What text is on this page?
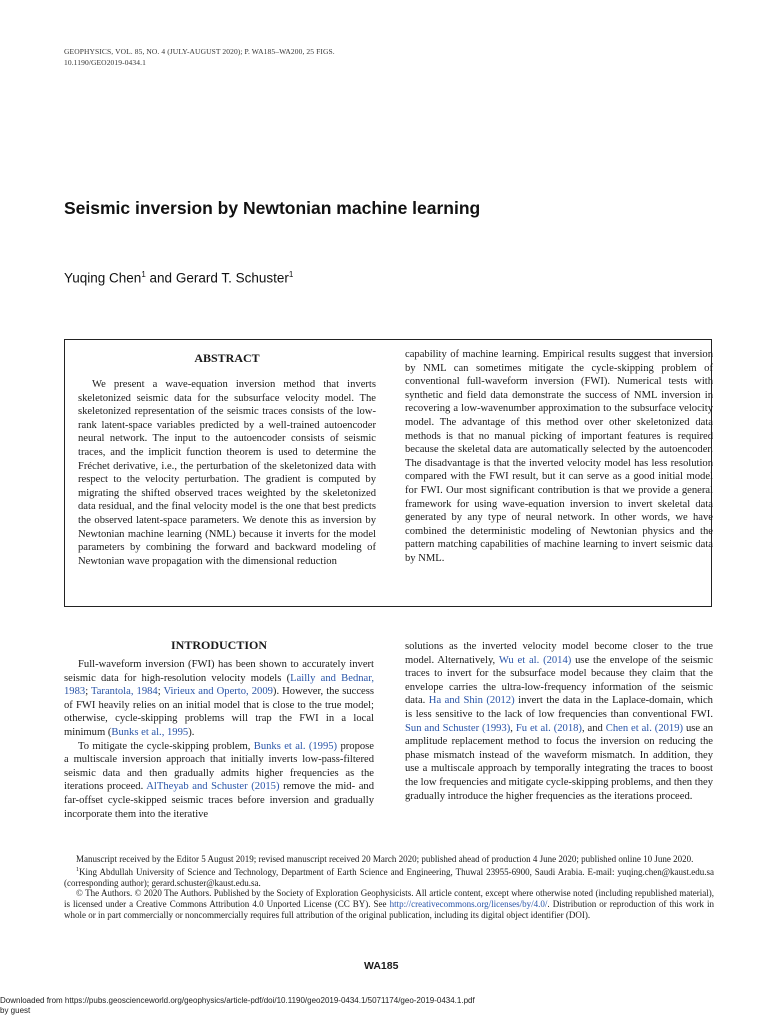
GEOPHYSICS, VOL. 85, NO. 4 (JULY-AUGUST 2020); P. WA185–WA200, 25 FIGS.
10.1190/GEO2019-0434.1
Seismic inversion by Newtonian machine learning
Yuqing Chen$^1$ and Gerard T. Schuster$^1$
ABSTRACT

We present a wave-equation inversion method that inverts skeletonized seismic data for the subsurface velocity model. The skeletonized representation of the seismic traces consists of the low-rank latent-space variables predicted by a well-trained autoencoder neural network. The input to the autoencoder consists of seismic traces, and the implicit function theorem is used to determine the Fréchet derivative, i.e., the perturbation of the skeletonized data with respect to the velocity perturbation. The gradient is computed by migrating the shifted observed traces weighted by the skeletonized data residual, and the final velocity model is the one that best predicts the observed latent-space parameters. We denote this as inversion by Newtonian machine learning (NML) because it inverts for the model parameters by combining the forward and backward modeling of Newtonian wave propagation with the dimensional reduction

capability of machine learning. Empirical results suggest that inversion by NML can sometimes mitigate the cycle-skipping problem of conventional full-waveform inversion (FWI). Numerical tests with synthetic and field data demonstrate the success of NML inversion in recovering a low-wavenumber approximation to the subsurface velocity model. The advantage of this method over other skeletonized data methods is that no manual picking of important features is required because the skeletal data are automatically selected by the autoencoder. The disadvantage is that the inverted velocity model has less resolution compared with the FWI result, but it can serve as a good initial model for FWI. Our most significant contribution is that we provide a general framework for using wave-equation inversion to invert skeletal data generated by any type of neural network. In other words, we have combined the deterministic modeling of Newtonian physics and the pattern matching capabilities of machine learning to invert seismic data by NML.

INTRODUCTION

Full-waveform inversion (FWI) has been shown to accurately invert seismic data for high-resolution velocity models (Lailly and Bednar, 1983; Tarantola, 1984; Virieux and Operto, 2009). However, the success of FWI heavily relies on an initial model that is close to the true model; otherwise, cycle-skipping problems will trap the FWI in a local minimum (Bunks et al., 1995).

To mitigate the cycle-skipping problem, Bunks et al. (1995) propose a multiscale inversion approach that initially inverts low-pass-filtered seismic data and then gradually admits higher frequencies as the iterations proceed. AlTheyab and Schuster (2015) remove the mid- and far-offset cycle-skipped seismic traces before inversion and gradually incorporate them into the iterative

solutions as the inverted velocity model become closer to the true model. Alternatively, Wu et al. (2014) use the envelope of the seismic traces to invert for the subsurface model because they claim that the envelope carries the ultra-low-frequency information of the seismic data. Ha and Shin (2012) invert the data in the Laplace-domain, which is less sensitive to the lack of low frequencies than conventional FWI. Sun and Schuster (1993), Fu et al. (2018), and Chen et al. (2019) use an amplitude replacement method to focus the inversion on reducing the phase mismatch instead of the waveform mismatch. In addition, they use a multiscale approach by temporally integrating the traces to boost the low frequencies and mitigate cycle-skipping problems, and then they gradually introduce the higher frequencies as the iterations proceed.

Manuscript received by the Editor 5 August 2019; revised manuscript received 20 March 2020; published ahead of production 4 June 2020; published online 10 June 2020.

$^1$King Abdullah University of Science and Technology, Department of Earth Science and Engineering, Thuwal 23955-6900, Saudi Arabia. E-mail: yuqing.chen@kaust.edu.sa (corresponding author); gerard.schuster@kaust.edu.sa.

© The Authors. © 2020 The Authors. Published by the Society of Exploration Geophysicists. All article content, except where otherwise noted (including republished material), is licensed under a Creative Commons Attribution 4.0 Unported License (CC BY). See http://creativecommons.org/licenses/by/4.0/. Distribution or reproduction of this work in whole or in part commercially or noncommercially requires full attribution of the original publication, including its digital object identifier (DOI).

WA185
Downloaded from https://pubs.geoscienceworld.org/geophysics/article-pdf/doi/10.1190/geo2019-0434.1/5071174/geo-2019-0434.1.pdf
by guest
